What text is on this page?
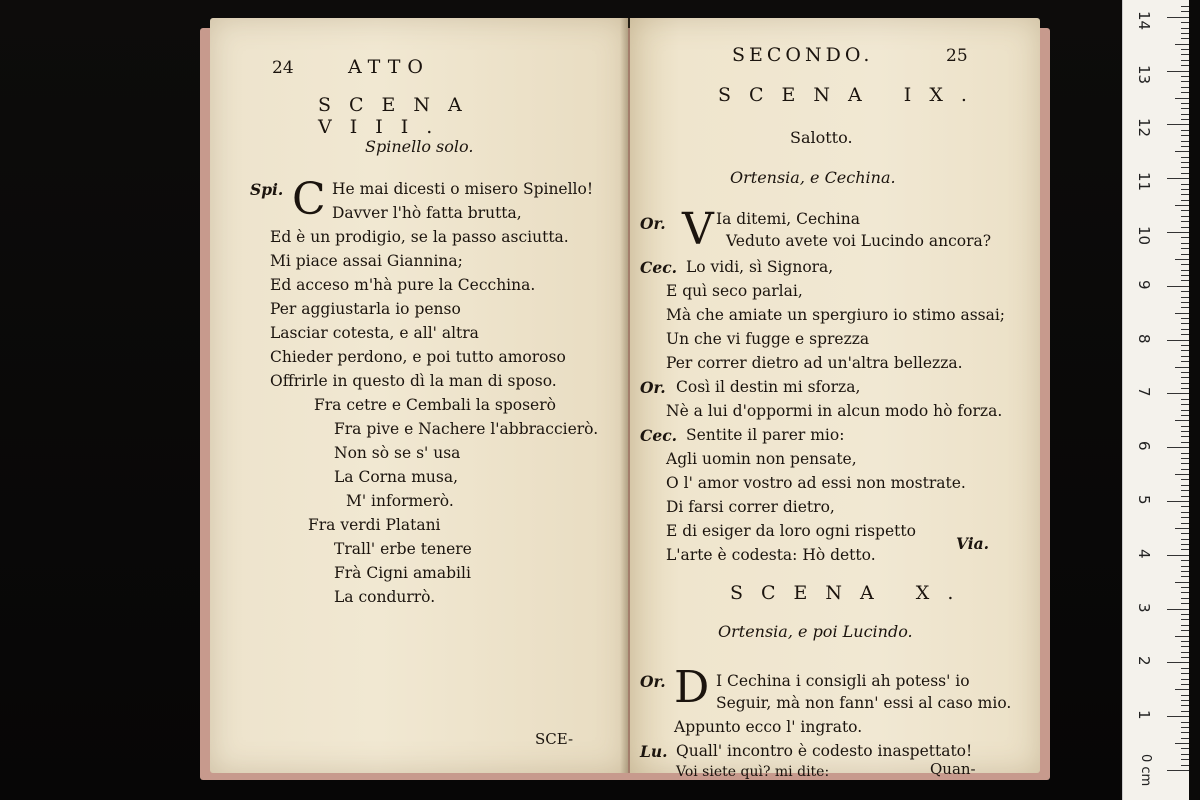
24	ATTO
SCENA VIII.
Spinello solo.
C
Spi.	He mai dicesti o misero Spinello!
Davver l'hò fatta brutta,
Ed è un prodigio, se la passo asciutta.
Mi piace assai Giannina;
Ed acceso m'hà pure la Cecchina.
Per aggiustarla io penso
Lasciar cotesta, e all' altra
Chieder perdono, e poi tutto amoroso
Offrirle in questo dì la man di sposo.
Fra cetre e Cembali la sposerò
Fra pive e Nachere l'abbraccierò.
Non sò se s' usa
La Corna musa,
M' informerò.
Fra verdi Platani
Trall' erbe tenere
Frà Cigni amabili
La condurrò.
SCE-
SECONDO.	25
SCENA IX.
Salotto.
Ortensia, e Cechina.
Or. V Ia ditemi, Cechina
Veduto avete voi Lucindo ancora?
Cec. Lo vidi, sì Signora,
E quì seco parlai,
Mà che amiate un spergiuro io stimo assai;
Un che vi fugge e sprezza
Per correr dietro ad un'altra bellezza.
Or. Così il destin mi sforza,
Nè a lui d'oppormi in alcun modo hò forza.
Cec. Sentite il parer mio:
Agli uomin non pensate,
O l' amor vostro ad essi non mostrate.
Di farsi correr dietro,
E di esiger da loro ogni rispetto
L'arte è codesta: Hò detto.
Via.
SCENA X.
Ortensia, e poi Lucindo.
Or. D I Cechina i consigli ah potess' io
Seguir, mà non fann' essi al caso mio.
Appunto ecco l' ingrato.
Lu. Quall' incontro è codesto inaspettato!
Voi siete quì? mi dite:	Quan-	0 cm
1
2
3
4
5
6
7
8
9
10
11
12
13
14
